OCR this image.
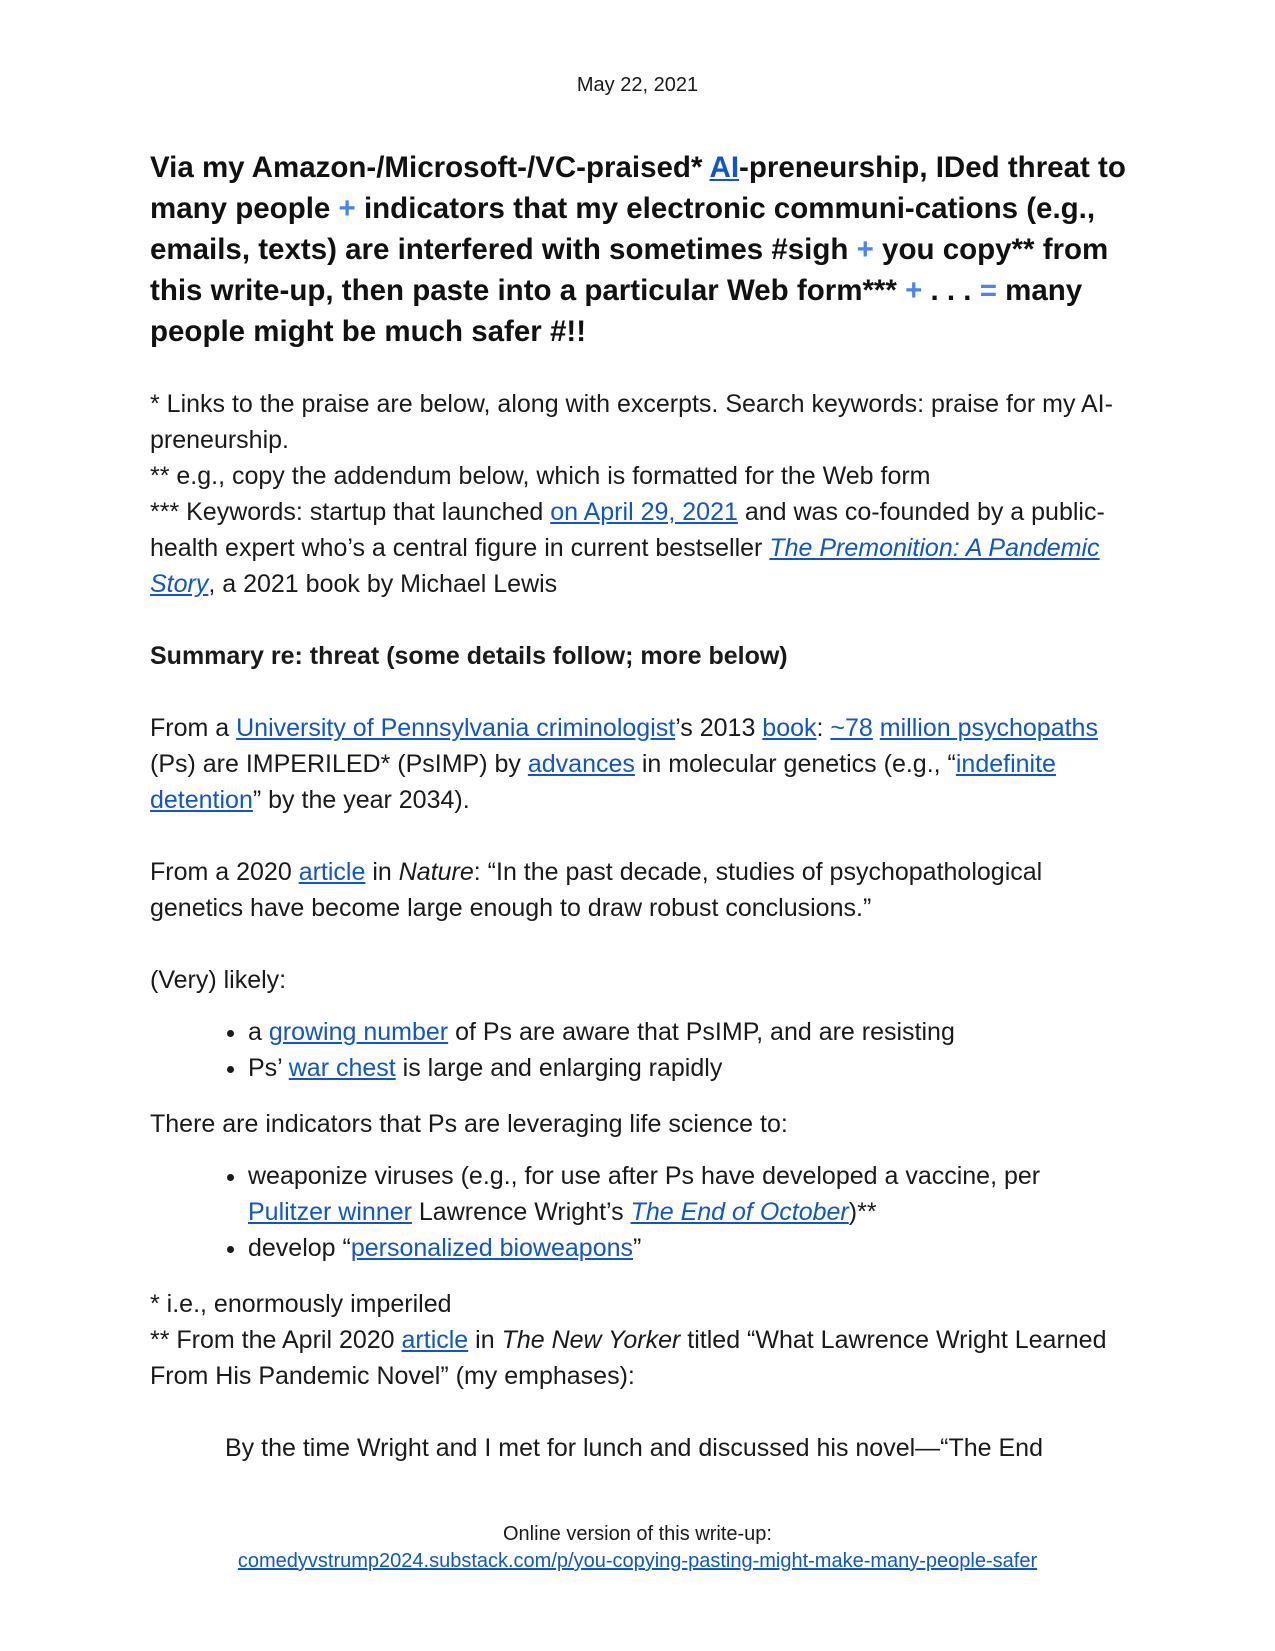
May 22, 2021
Via my Amazon-/Microsoft-/VC-praised* AI-preneurship, IDed threat to many people + indicators that my electronic communi-cations (e.g., emails, texts) are interfered with sometimes #sigh + you copy** from this write-up, then paste into a particular Web form*** + . . . = many people might be much safer #!!

* Links to the praise are below, along with excerpts. Search keywords: praise for my AI-preneurship.

** e.g., copy the addendum below, which is formatted for the Web form

*** Keywords: startup that launched on April 29, 2021 and was co-founded by a public-health expert who’s a central figure in current bestseller The Premonition: A Pandemic Story, a 2021 book by Michael Lewis

Summary re: threat (some details follow; more below)

From a University of Pennsylvania criminologist’s 2013 book: ~78 million psychopaths (Ps) are IMPERILED* (PsIMP) by advances in molecular genetics (e.g., “indefinite detention” by the year 2034).

From a 2020 article in Nature: “In the past decade, studies of psychopathological genetics have become large enough to draw robust conclusions.”

(Very) likely:

• a growing number of Ps are aware that PsIMP, and are resisting
• Ps’ war chest is large and enlarging rapidly

There are indicators that Ps are leveraging life science to:

• weaponize viruses (e.g., for use after Ps have developed a vaccine, per Pulitzer winner Lawrence Wright’s The End of October)**
• develop “personalized bioweapons”

* i.e., enormously imperiled

** From the April 2020 article in The New Yorker titled “What Lawrence Wright Learned From His Pandemic Novel” (my emphases):

By the time Wright and I met for lunch and discussed his novel—“The End

Online version of this write-up:
comedyvstrump2024.substack.com/p/you-copying-pasting-might-make-many-people-safer
